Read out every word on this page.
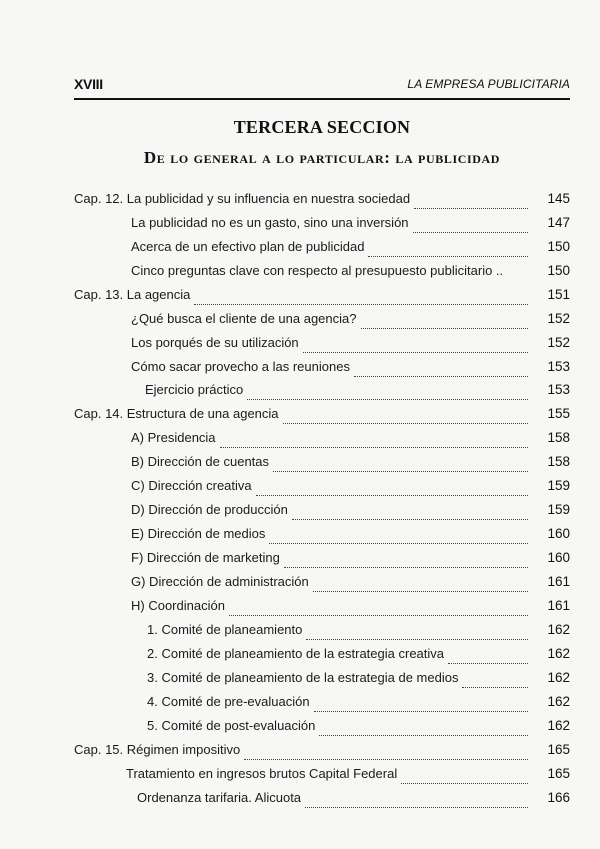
XVIII	LA EMPRESA PUBLICITARIA
TERCERA SECCION
De lo general a lo particular: la publicidad
Cap. 12. La publicidad y su influencia en nuestra sociedad	145
La publicidad no es un gasto, sino una inversión	147
Acerca de un efectivo plan de publicidad	150
Cinco preguntas clave con respecto al presupuesto publicitario ..	150
Cap. 13. La agencia	151
¿Qué busca el cliente de una agencia?	152
Los porqués de su utilización	152
Cómo sacar provecho a las reuniones	153
Ejercicio práctico	153
Cap. 14. Estructura de una agencia	155
A) Presidencia	158
B) Dirección de cuentas	158
C) Dirección creativa	159
D) Dirección de producción	159
E) Dirección de medios	160
F) Dirección de marketing	160
G) Dirección de administración	161
H) Coordinación	161
1. Comité de planeamiento	162
2. Comité de planeamiento de la estrategia creativa	162
3. Comité de planeamiento de la estrategia de medios	162
4. Comité de pre-evaluación	162
5. Comité de post-evaluación	162
Cap. 15. Régimen impositivo	165
Tratamiento en ingresos brutos Capital Federal	165
Ordenanza tarifaria. Alicuota	166
